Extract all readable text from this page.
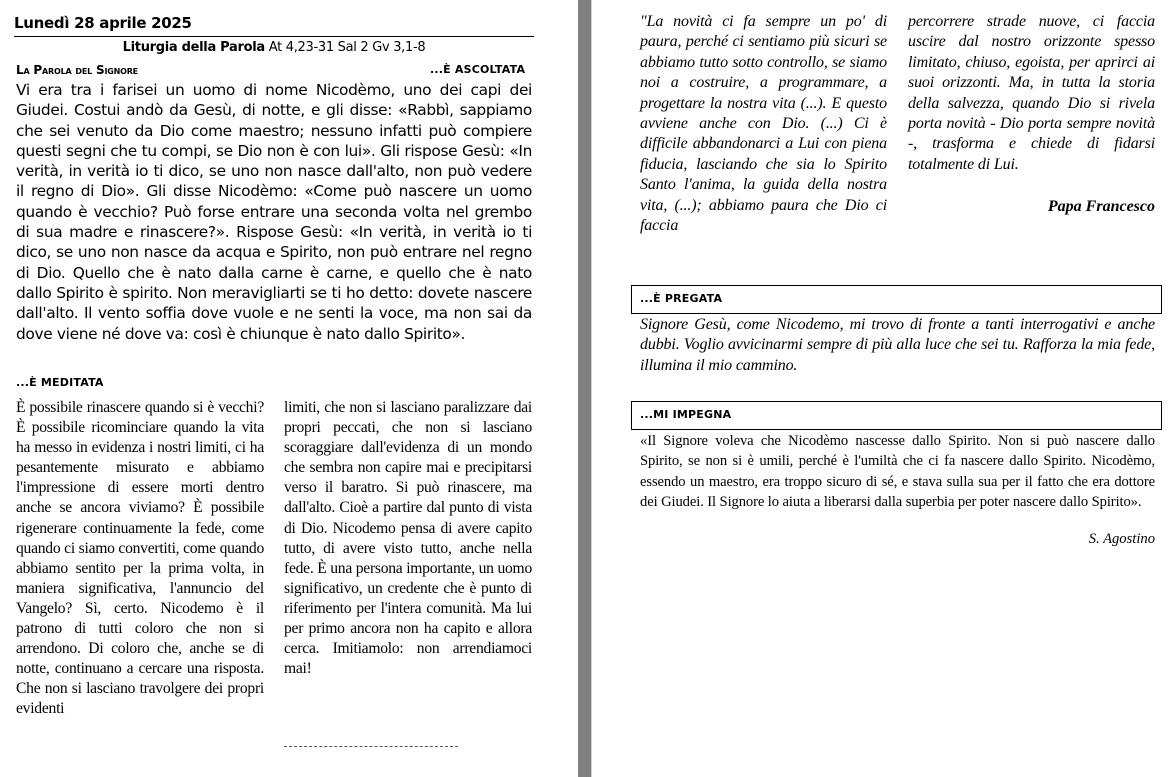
Lunedì 28 aprile 2025
Liturgia della Parola At 4,23-31 Sal 2 Gv 3,1-8
La Parola del Signore	...È ASCOLTATA
Vi era tra i farisei un uomo di nome Nicodèmo, uno dei capi dei Giudei. Costui andò da Gesù, di notte, e gli disse: «Rabbì, sappiamo che sei venuto da Dio come maestro; nessuno infatti può compiere questi segni che tu compi, se Dio non è con lui». Gli rispose Gesù: «In verità, in verità io ti dico, se uno non nasce dall'alto, non può vedere il regno di Dio». Gli disse Nicodèmo: «Come può nascere un uomo quando è vecchio? Può forse entrare una seconda volta nel grembo di sua madre e rinascere?». Rispose Gesù: «In verità, in verità io ti dico, se uno non nasce da acqua e Spirito, non può entrare nel regno di Dio. Quello che è nato dalla carne è carne, e quello che è nato dallo Spirito è spirito. Non meravigliarti se ti ho detto: dovete nascere dall'alto. Il vento soffia dove vuole e ne senti la voce, ma non sai da dove viene né dove va: così è chiunque è nato dallo Spirito».
...È MEDITATA
È possibile rinascere quando si è vecchi? È possibile ricominciare quando la vita ha messo in evidenza i nostri limiti, ci ha pesantemente misurato e abbiamo l'impressione di essere morti dentro anche se ancora viviamo? È possibile rigenerare continuamente la fede, come quando ci siamo convertiti, come quando abbiamo sentito per la prima volta, in maniera significativa, l'annuncio del Vangelo? Sì, certo. Nicodemo è il patrono di tutti coloro che non si arrendono. Di coloro che, anche se di notte, continuano a cercare una risposta. Che non si lasciano travolgere dei propri evidenti
limiti, che non si lasciano paralizzare dai propri peccati, che non si lasciano scoraggiare dall'evidenza di un mondo che sembra non capire mai e precipitarsi verso il baratro. Si può rinascere, ma dall'alto. Cioè a partire dal punto di vista di Dio. Nicodemo pensa di avere capito tutto, di avere visto tutto, anche nella fede. È una persona importante, un uomo significativo, un credente che è punto di riferimento per l'intera comunità. Ma lui per primo ancora non ha capito e allora cerca. Imitiamolo: non arrendiamoci mai!
"La novità ci fa sempre un po' di paura, perché ci sentiamo più sicuri se abbiamo tutto sotto controllo, se siamo noi a costruire, a programmare, a progettare la nostra vita (...). E questo avviene anche con Dio. (...) Ci è difficile abbandonarci a Lui con piena fiducia, lasciando che sia lo Spirito Santo l'anima, la guida della nostra vita, (...); abbiamo paura che Dio ci faccia
percorrere strade nuove, ci faccia uscire dal nostro orizzonte spesso limitato, chiuso, egoista, per aprirci ai suoi orizzonti. Ma, in tutta la storia della salvezza, quando Dio si rivela porta novità - Dio porta sempre novità -, trasforma e chiede di fidarsi totalmente di Lui.
Papa Francesco
...È PREGATA
Signore Gesù, come Nicodemo, mi trovo di fronte a tanti interrogativi e anche dubbi. Voglio avvicinarmi sempre di più alla luce che sei tu. Rafforza la mia fede, illumina il mio cammino.
...MI IMPEGNA
«Il Signore voleva che Nicodèmo nascesse dallo Spirito. Non si può nascere dallo Spirito, se non si è umili, perché è l'umiltà che ci fa nascere dallo Spirito. Nicodèmo, essendo un maestro, era troppo sicuro di sé, e stava sulla sua per il fatto che era dottore dei Giudei. Il Signore lo aiuta a liberarsi dalla superbia per poter nascere dallo Spirito».
S. Agostino
